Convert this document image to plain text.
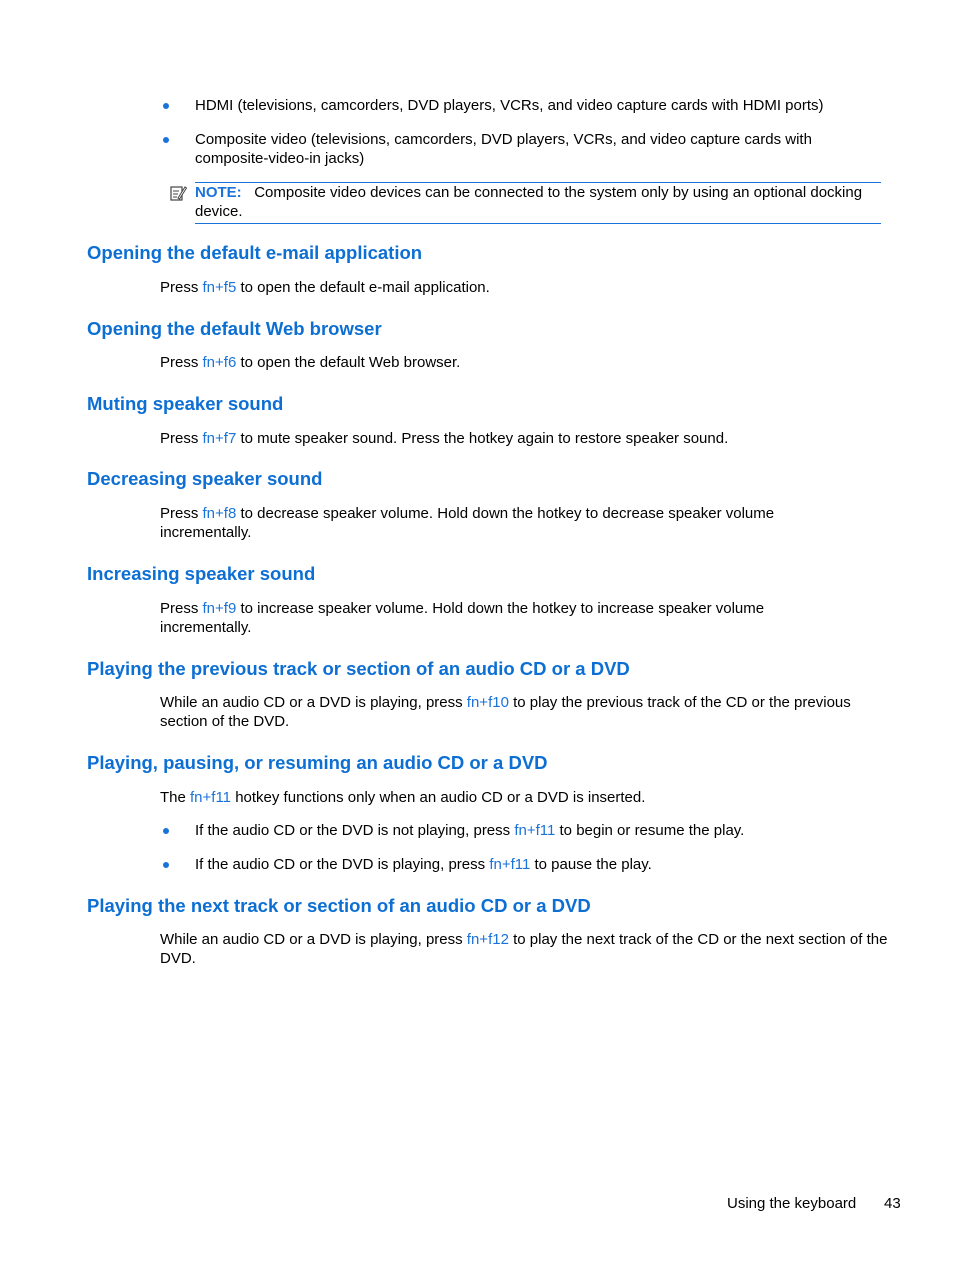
HDMI (televisions, camcorders, DVD players, VCRs, and video capture cards with HDMI ports)
Composite video (televisions, camcorders, DVD players, VCRs, and video capture cards with composite-video-in jacks)
NOTE: Composite video devices can be connected to the system only by using an optional docking device.
Opening the default e-mail application
Press fn+f5 to open the default e-mail application.
Opening the default Web browser
Press fn+f6 to open the default Web browser.
Muting speaker sound
Press fn+f7 to mute speaker sound. Press the hotkey again to restore speaker sound.
Decreasing speaker sound
Press fn+f8 to decrease speaker volume. Hold down the hotkey to decrease speaker volume incrementally.
Increasing speaker sound
Press fn+f9 to increase speaker volume. Hold down the hotkey to increase speaker volume incrementally.
Playing the previous track or section of an audio CD or a DVD
While an audio CD or a DVD is playing, press fn+f10 to play the previous track of the CD or the previous section of the DVD.
Playing, pausing, or resuming an audio CD or a DVD
The fn+f11 hotkey functions only when an audio CD or a DVD is inserted.
If the audio CD or the DVD is not playing, press fn+f11 to begin or resume the play.
If the audio CD or the DVD is playing, press fn+f11 to pause the play.
Playing the next track or section of an audio CD or a DVD
While an audio CD or a DVD is playing, press fn+f12 to play the next track of the CD or the next section of the DVD.
Using the keyboard 43
